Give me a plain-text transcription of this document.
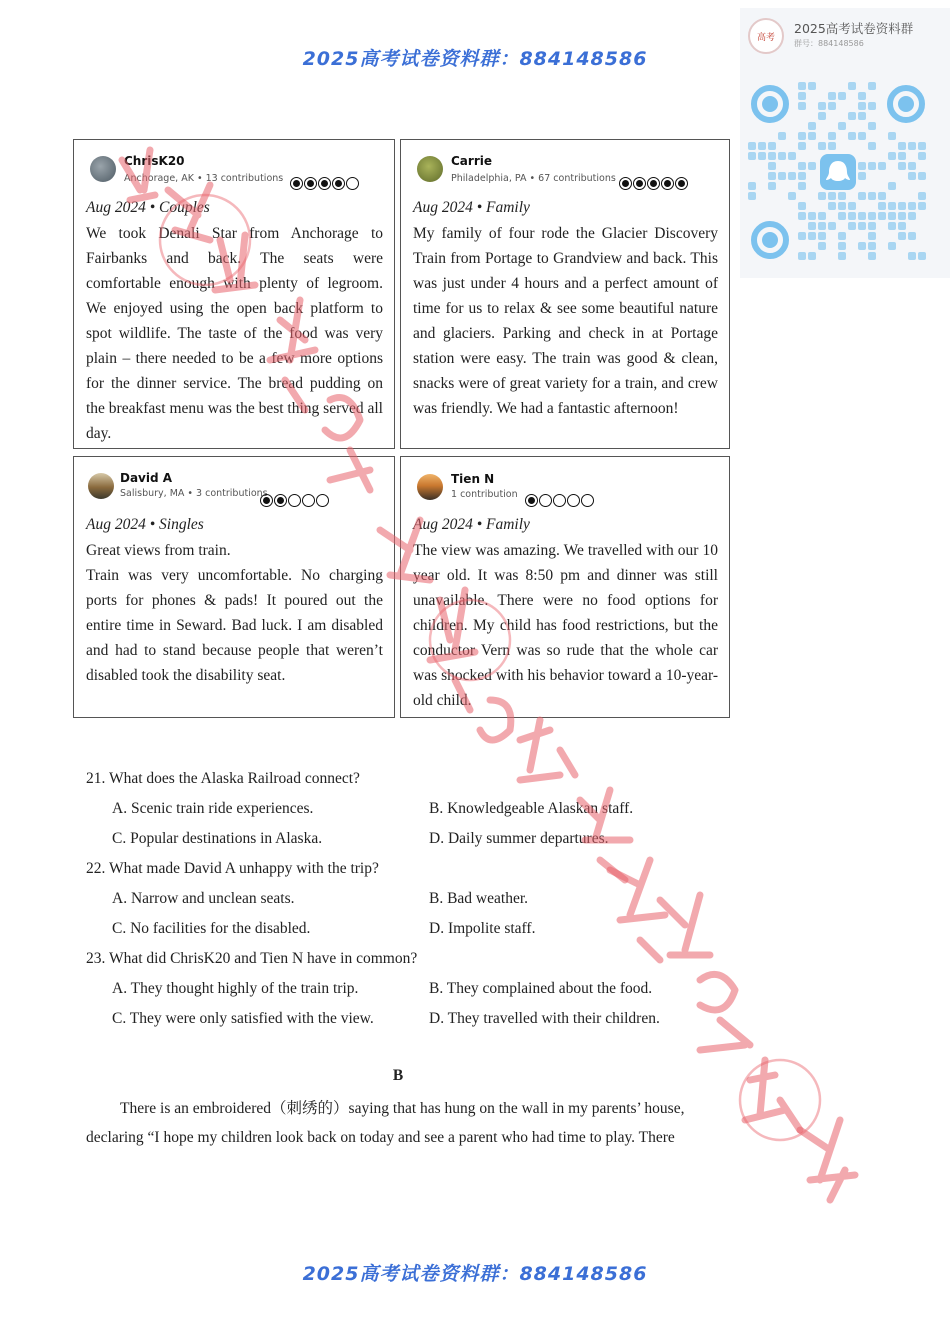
2025高考试卷资料群：884148586
高考
2025高考试卷资料群
群号：884148586
ChrisK20
Anchorage, AK • 13 contributions
Aug 2024 • Couples
We took Denali Star from Anchorage to Fairbanks and back. The seats were comfortable enough with plenty of legroom. We enjoyed using the open back platform to spot wildlife. The taste of the food was very plain – there needed to be a few more options for the dinner service. The bread pudding on the breakfast menu was the best thing served all day.
Carrie
Philadelphia, PA • 67 contributions
Aug 2024 • Family
My family of four rode the Glacier Discovery Train from Portage to Grandview and back. This was just under 4 hours and a perfect amount of time for us to relax & see some beautiful nature and glaciers. Parking and check in at Portage station were easy. The train was good & clean, snacks were of great variety for a train, and crew was friendly. We had a fantastic afternoon!
David A
Salisbury, MA • 3 contributions
Aug 2024 • Singles
Great views from train.
Train was very uncomfortable. No charging ports for phones & pads! It poured out the entire time in Seward. Bad luck. I am disabled and had to stand because people that weren’t disabled took the disability seat.
Tien N
1 contribution
Aug 2024 • Family
The view was amazing. We travelled with our 10 year old. It was 8:50 pm and dinner was still unavailable. There were no food options for children. My child has food restrictions, but the conductor Vern was so rude that the whole car was shocked with his behavior toward a 10-year-old child.
21. What does the Alaska Railroad connect?
A. Scenic train ride experiences.	B. Knowledgeable Alaskan staff.
C. Popular destinations in Alaska.	D. Daily summer departures.
22. What made David A unhappy with the trip?
A. Narrow and unclean seats.	B. Bad weather.
C. No facilities for the disabled.	D. Impolite staff.
23. What did ChrisK20 and Tien N have in common?
A. They thought highly of the train trip.	B. They complained about the food.
C. They were only satisfied with the view.	D. They travelled with their children.
B
There is an embroidered（刺绣的）saying that has hung on the wall in my parents’ house,
declaring “I hope my children look back on today and see a parent who had time to play. There
2025高考试卷资料群：884148586
